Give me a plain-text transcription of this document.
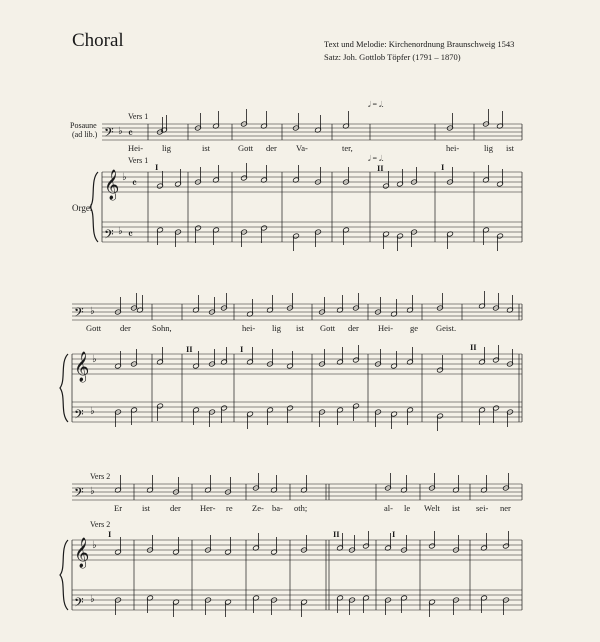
Choral	Text und Melodie: Kirchenordnung Braunschweig 1543
Satz: Joh. Gottlob Töpfer (1791 – 1870)
𝄢
𝄞
𝄢
𝄢
𝄞
𝄢
𝄢
𝄞
𝄢
♭
♭
♭
𝄴
𝄴
𝄴
♭
♭
♭
♭
♭
♭
Posaune
(ad lib.)
Orgel
Vers 1
Vers 1
Vers 2
Vers 2
𝅗𝅥 = 𝅗𝅥.
𝅗𝅥 = 𝅗𝅥.
I	II	I
II	I	II
I	II	I
Hei- lig	ist	Gott der Va-	ter,	hei-	lig ist
Gott der Sohn,	hei- lig ist Gott der Hei- ge Geist.
Er ist der Her- re Ze- ba- oth;	al- le Welt ist sei- ner
